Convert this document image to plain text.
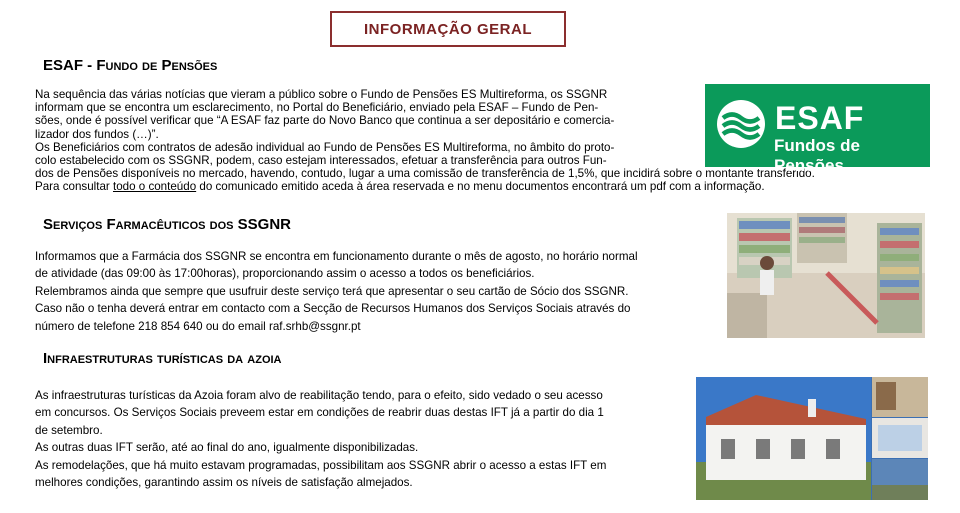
INFORMAÇÃO GERAL
ESAF - Fundo de Pensões

Na sequência das várias notícias que vieram a público sobre o Fundo de Pensões ES Multireforma, os SSGNR

informam que se encontra um esclarecimento, no Portal do Beneficiário, enviado pela ESAF – Fundo de Pen-

sões, onde é possível verificar que “A ESAF faz parte do Novo Banco que continua a ser depositário e comercia-

lizador dos fundos (…)”.

Os Beneficiários com contratos de adesão individual ao Fundo de Pensões ES Multireforma, no âmbito do proto-

colo estabelecido com os SSGNR, podem, caso estejam interessados, efetuar a transferência para outros Fun-

dos de Pensões disponíveis no mercado, havendo, contudo, lugar a uma comissão de transferência de 1,5%, que incidirá sobre o montante transferido.

Para consultar todo o conteúdo do comunicado emitido aceda à área reservada e no menu documentos encontrará um pdf com a informação.

ESAF
Fundos de Pensões
Serviços Farmacêuticos dos SSGNR

Informamos que a Farmácia dos SSGNR se encontra em funcionamento durante o mês de agosto, no horário normal

de atividade (das 09:00 às 17:00horas), proporcionando assim o acesso a todos os beneficiários.

Relembramos ainda que sempre que usufruir deste serviço terá que apresentar o seu cartão de Sócio dos SSGNR.

Caso não o tenha deverá entrar em contacto com a Secção de Recursos Humanos dos Serviços Sociais através do

número de telefone 218 854 640 ou do email raf.srhb@ssgnr.pt

Infraestruturas turísticas da azoia

As infraestruturas turísticas da Azoia foram alvo de reabilitação tendo, para o efeito, sido vedado o seu acesso

em concursos. Os Serviços Sociais preveem estar em condições de reabrir duas destas IFT já a partir do dia 1

de setembro.

As outras duas IFT serão, até ao final do ano, igualmente disponibilizadas.

As remodelações, que há muito estavam programadas, possibilitam aos SSGNR abrir o acesso a estas IFT em

melhores condições, garantindo assim os níveis de satisfação almejados.
